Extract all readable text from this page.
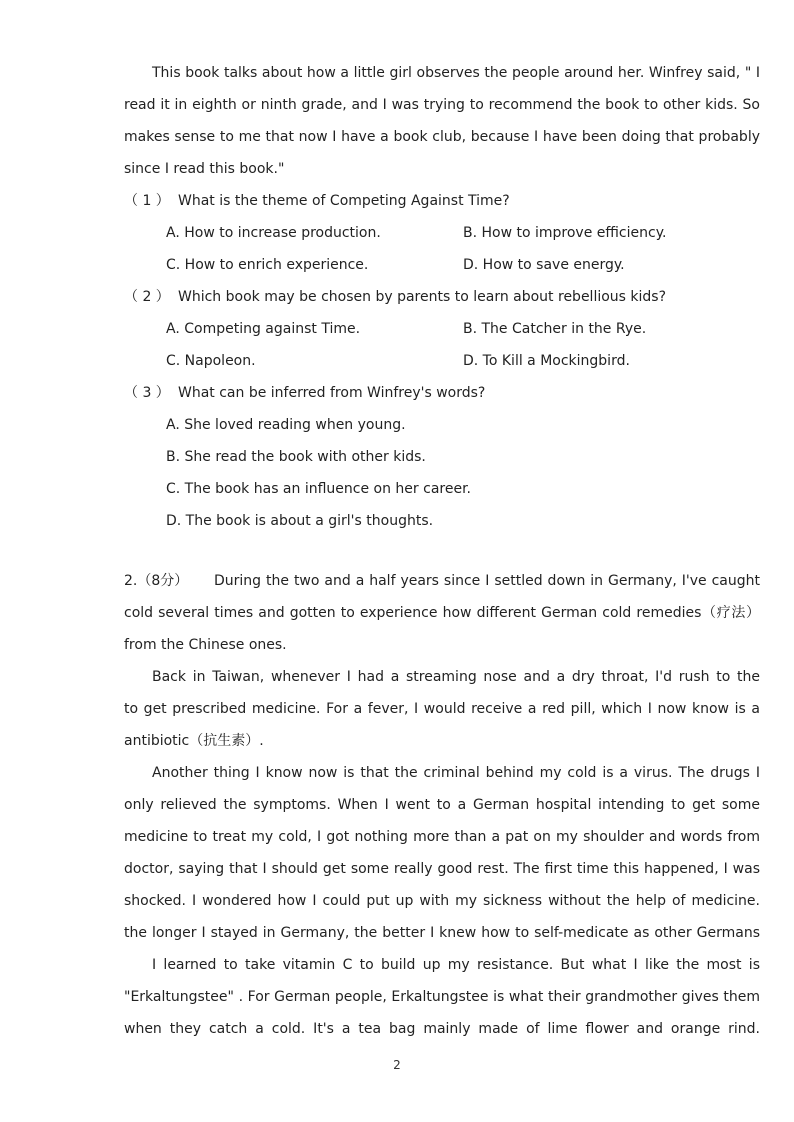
This book talks about how a little girl observes the people around her. Winfrey said, " I
read it in eighth or ninth grade, and I was trying to recommend the book to other kids. So
makes sense to me that now I have a book club, because I have been doing that probably
since I read this book."
（ 1 ） What is the theme of Competing Against Time?
A. How to increase production.	B. How to improve efficiency.
C. How to enrich experience.	D. How to save energy.
（ 2 ） Which book may be chosen by parents to learn about rebellious kids?
A. Competing against Time.	B. The Catcher in the Rye.
C. Napoleon.	D. To Kill a Mockingbird.
（ 3 ） What can be inferred from Winfrey's words?
A. She loved reading when young.
B. She read the book with other kids.
C. The book has an influence on her career.
D. The book is about a girl's thoughts.
2.（8分）	During the two and a half years since I settled down in Germany, I've caught
cold several times and gotten to experience how different German cold remedies（疗法）
from the Chinese ones.
Back in Taiwan, whenever I had a streaming nose and a dry throat, I'd rush to the
to get prescribed medicine. For a fever, I would receive a red pill, which I now know is a
antibiotic（抗生素）.
Another thing I know now is that the criminal behind my cold is a virus. The drugs I
only relieved the symptoms. When I went to a German hospital intending to get some
medicine to treat my cold, I got nothing more than a pat on my shoulder and words from
doctor, saying that I should get some really good rest. The first time this happened, I was
shocked. I wondered how I could put up with my sickness without the help of medicine.
the longer I stayed in Germany, the better I knew how to self-medicate as other Germans
I learned to take vitamin C to build up my resistance. But what I like the most is
"Erkaltungstee" . For German people, Erkaltungstee is what their grandmother gives them
when they catch a cold. It's a tea bag mainly made of lime flower and orange rind.
2
